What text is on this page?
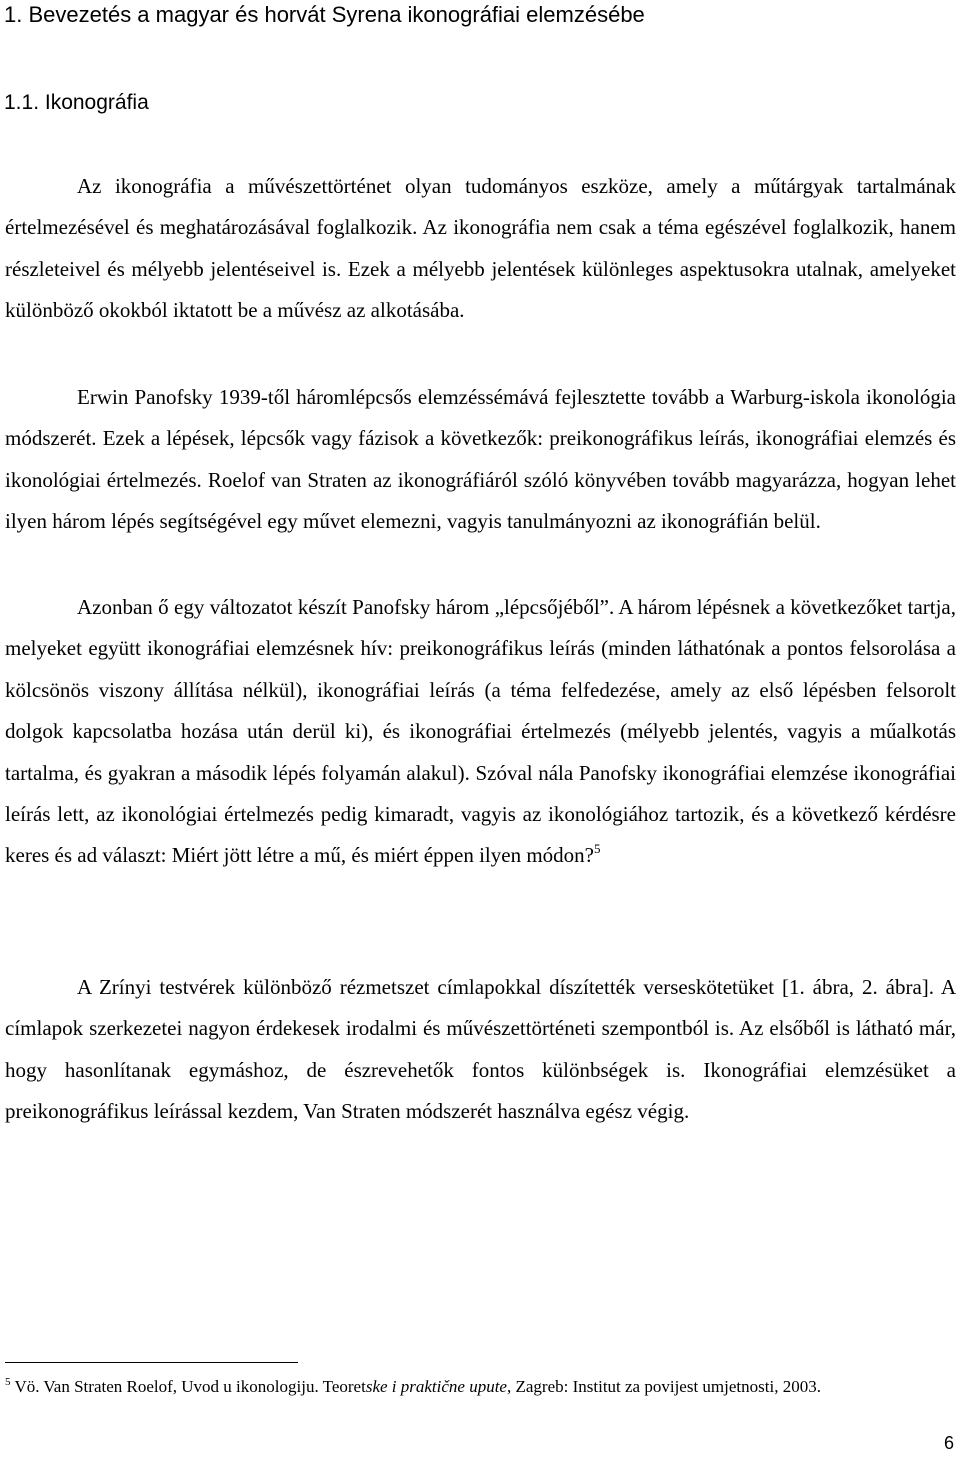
1. Bevezetés a magyar és horvát Syrena ikonográfiai elemzésébe
1.1. Ikonográfia

Az ikonográfia a művészettörténet olyan tudományos eszköze, amely a műtárgyak tartalmának értelmezésével és meghatározásával foglalkozik. Az ikonográfia nem csak a téma egészével foglalkozik, hanem részleteivel és mélyebb jelentéseivel is. Ezek a mélyebb jelentések különleges aspektusokra utalnak, amelyeket különböző okokból iktatott be a művész az alkotásába.

Erwin Panofsky 1939-től háromlépcsős elemzéssémává fejlesztette tovább a Warburg-iskola ikonológia módszerét. Ezek a lépések, lépcsők vagy fázisok a következők: preikonográfikus leírás, ikonográfiai elemzés és ikonológiai értelmezés. Roelof van Straten az ikonográfiáról szóló könyvében tovább magyarázza, hogyan lehet ilyen három lépés segítségével egy művet elemezni, vagyis tanulmányozni az ikonográfián belül.

Azonban ő egy változatot készít Panofsky három „lépcsőjéből”. A három lépésnek a következőket tartja, melyeket együtt ikonográfiai elemzésnek hív: preikonográfikus leírás (minden láthatónak a pontos felsorolása a kölcsönös viszony állítása nélkül), ikonográfiai leírás (a téma felfedezése, amely az első lépésben felsorolt dolgok kapcsolatba hozása után derül ki), és ikonográfiai értelmezés (mélyebb jelentés, vagyis a műalkotás tartalma, és gyakran a második lépés folyamán alakul). Szóval nála Panofsky ikonográfiai elemzése ikonográfiai leírás lett, az ikonológiai értelmezés pedig kimaradt, vagyis az ikonológiához tartozik, és a következő kérdésre keres és ad választ: Miért jött létre a mű, és miért éppen ilyen módon?$^5$

A Zrínyi testvérek különböző rézmetszet címlapokkal díszítették verseskötetüket [1. ábra, 2. ábra]. A címlapok szerkezetei nagyon érdekesek irodalmi és művészettörténeti szempontból is. Az elsőből is látható már, hogy hasonlítanak egymáshoz, de észrevehetők fontos különbségek is. Ikonográfiai elemzésüket a preikonográfikus leírással kezdem, Van Straten módszerét használva egész végig.

$^5$ Vö. Van Straten Roelof, Uvod u ikonologiju. Teoretske i praktične upute, Zagreb: Institut za povijest umjetnosti, 2003.

6
